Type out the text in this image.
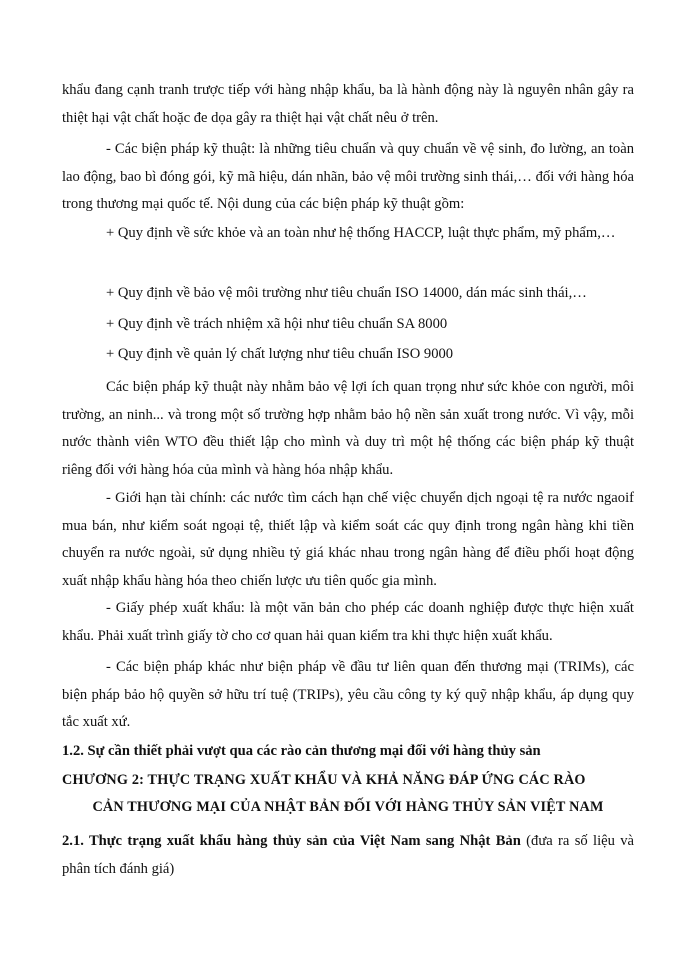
khẩu đang cạnh tranh trược tiếp với hàng nhập khẩu, ba là hành động này là nguyên nhân gây ra thiệt hại vật chất hoặc đe dọa gây ra thiệt hại vật chất nêu ở trên.

- Các biện pháp kỹ thuật: là những tiêu chuẩn và quy chuẩn về vệ sinh, đo lường, an toàn lao động, bao bì đóng gói, kỹ mã hiệu, dán nhãn, bảo vệ môi trường sinh thái,… đối với hàng hóa trong thương mại quốc tế. Nội dung của các biện pháp kỹ thuật gồm:

+ Quy định về sức khỏe và an toàn như hệ thống HACCP, luật thực phẩm, mỹ phẩm,…

+ Quy định về bảo vệ môi trường như tiêu chuẩn ISO 14000, dán mác sinh thái,…

+ Quy định về trách nhiệm xã hội như tiêu chuẩn SA 8000

+ Quy định về quản lý chất lượng như tiêu chuẩn ISO 9000

Các biện pháp kỹ thuật này nhằm bảo vệ lợi ích quan trọng như sức khỏe con người, môi trường, an ninh... và trong một số trường hợp nhằm bảo hộ nền sản xuất trong nước. Vì vậy, mỗi nước thành viên WTO đều thiết lập cho mình và duy trì một hệ thống các biện pháp kỹ thuật riêng đối với hàng hóa của mình và hàng hóa nhập khẩu.

- Giới hạn tài chính: các nước tìm cách hạn chế việc chuyển dịch ngoại tệ ra nước ngaoif mua bán, như kiểm soát ngoại tệ, thiết lập và kiểm soát các quy định trong ngân hàng khi tiền chuyển ra nước ngoài, sử dụng nhiều tỷ giá khác nhau trong ngân hàng để điều phối hoạt động xuất nhập khẩu hàng hóa theo chiến lược ưu tiên quốc gia mình.

- Giấy phép xuất khẩu: là một văn bản cho phép các doanh nghiệp được thực hiện xuất khẩu. Phải xuất trình giấy tờ cho cơ quan hải quan kiểm tra khi thực hiện xuất khẩu.

- Các biện pháp khác như biện pháp về đầu tư liên quan đến thương mại (TRIMs), các biện pháp bảo hộ quyền sở hữu trí tuệ (TRIPs), yêu cầu công ty ký quỹ nhập khẩu, áp dụng quy tắc xuất xứ.

1.2. Sự cần thiết phải vượt qua các rào cản thương mại đối với hàng thủy sản

CHƯƠNG 2: THỰC TRẠNG XUẤT KHẨU VÀ KHẢ NĂNG ĐÁP ỨNG CÁC RÀO
CẢN THƯƠNG MẠI CỦA NHẬT BẢN ĐỐI VỚI HÀNG THỦY SẢN VIỆT NAM

2.1. Thực trạng xuất khẩu hàng thủy sản của Việt Nam sang Nhật Bản (đưa ra số liệu và phân tích đánh giá)
